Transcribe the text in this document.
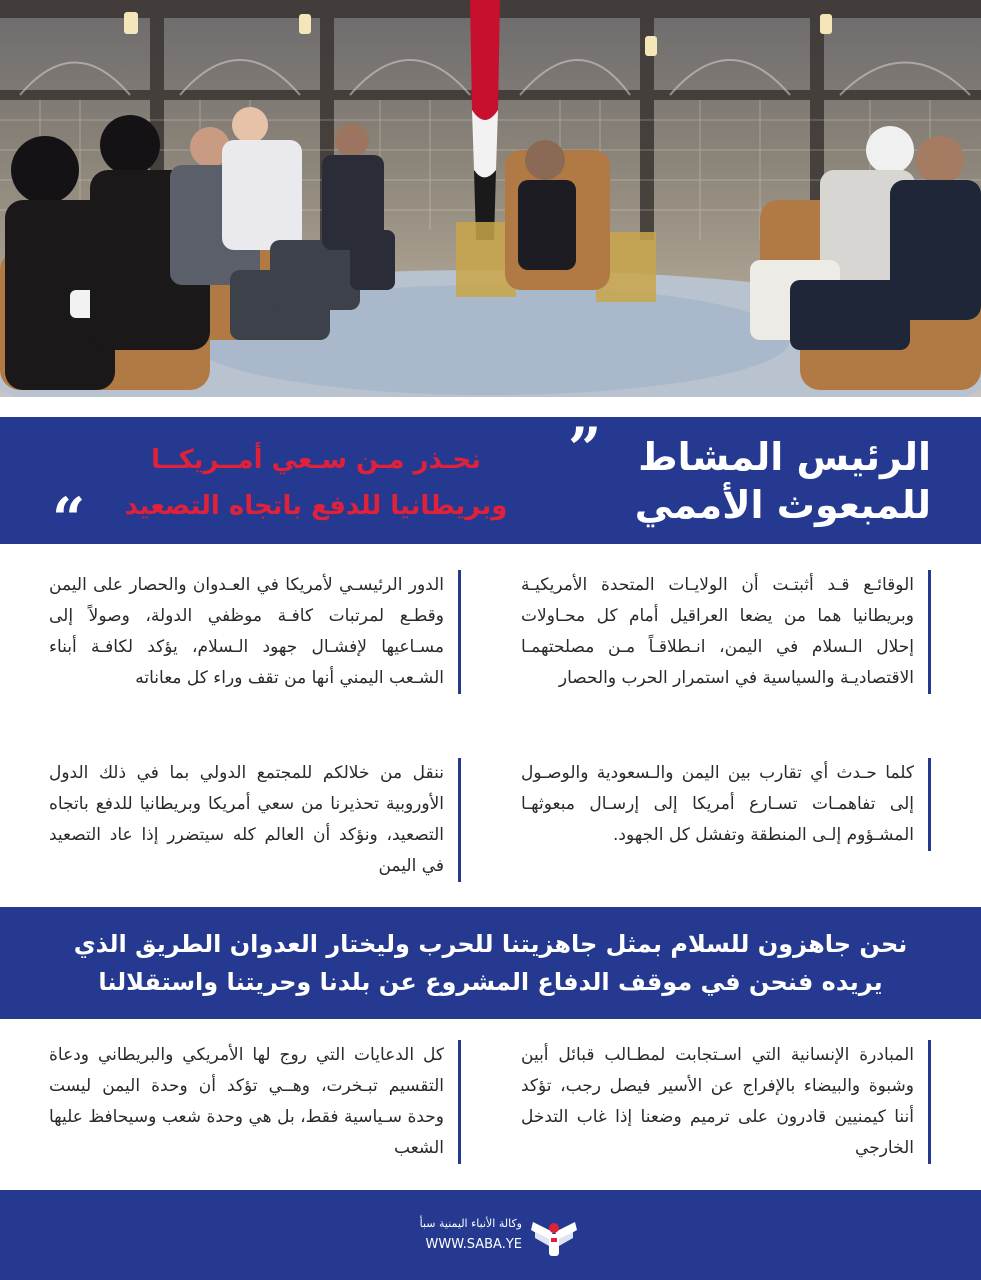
الرئيس المشاط
للمبعوث الأممي
نحـذر مـن سـعي أمــريكــا
وبريطانيا للدفع باتجاه التصعيد
”
“
الوقائـع قـد أثبتـت أن الولايـات المتحدة الأمريكيـة وبريطانيا هما من يضعا العراقيل أمام كل محـاولات إحلال الـسلام في اليمن، انـطلاقـاً مـن مصلحتهمـا الاقتصاديـة والسياسية في استمرار الحرب والحصار
الدور الرئيسـي لأمريكا في العـدوان والحصار على اليمن وقطـع لمرتبات كافـة موظفي الدولة، وصولاً إلى مسـاعيها لإفشـال جهود الـسلام، يؤكد لكافـة أبناء الشـعب اليمني أنها من تقف وراء كل معاناته
كلما حـدث أي تقارب بين اليمن والـسعودية والوصـول إلى تفاهمـات تسـارع أمريكا إلى إرسـال مبعوثهـا المشـؤوم إلـى المنطقة وتفشل كل الجهود.
ننقل من خلالكم للمجتمع الدولي بما في ذلك الدول الأوروبية تحذيرنا من سعي أمريكا وبريطانيا للدفع باتجاه التصعيد، ونؤكد أن العالم كله سيتضرر إذا عاد التصعيد في اليمن
نحن جاهزون للسلام بمثل جاهزيتنا للحرب وليختار العدوان الطريق الذي
يريده فنحن في موقف الدفاع المشروع عن بلدنا وحريتنا واستقلالنا
المبادرة الإنسانية التي اسـتجابت لمطـالب قبائل أبين وشبوة والبيضاء بالإفراج عن الأسير فيصل رجب، تؤكد أننا كيمنيين قادرون على ترميم وضعنا إذا غاب التدخل الخارجي
كل الدعايات التي روج لها الأمريكي والبريطاني ودعاة التقسيم تبـخرت، وهــي تؤكد أن وحدة اليمن ليست وحدة سـياسية فقط، بل هي وحدة شعب وسيحافظ عليها الشعب
وكالة الأنباء اليمنية سبأ
WWW.SABA.YE
